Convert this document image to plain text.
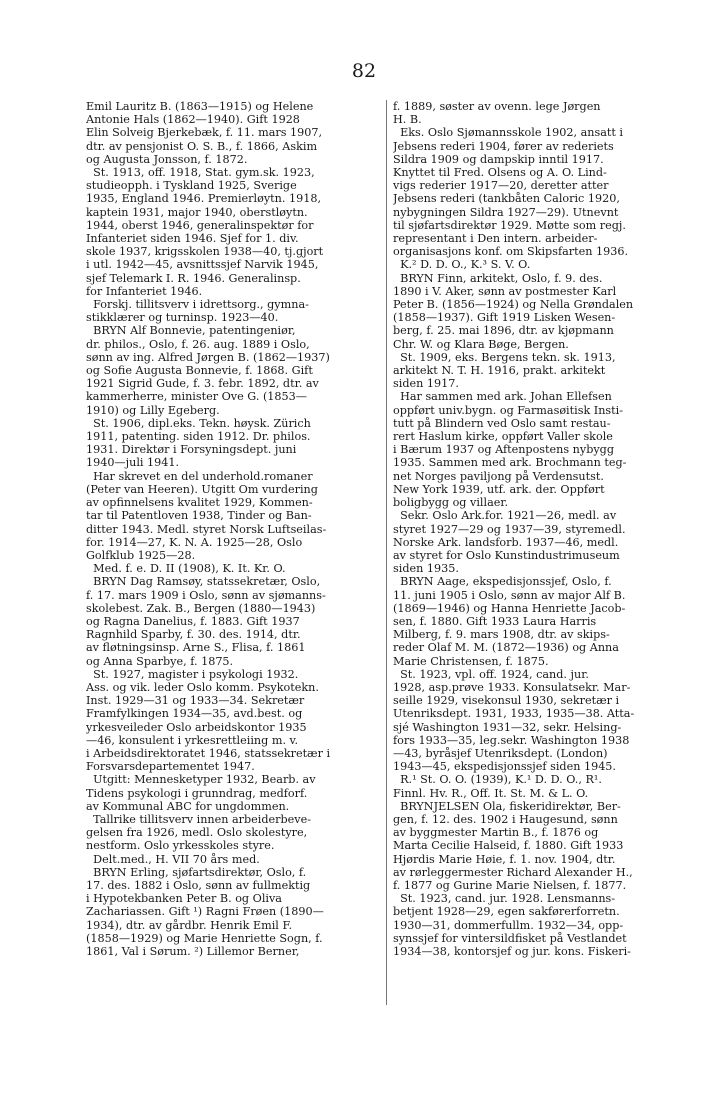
82
Emil Lauritz B. (1863—1915) og Helene
Antonie Hals (1862—1940). Gift 1928
Elin Solveig Bjerkebæk, f. 11. mars 1907,
dtr. av pensjonist O. S. B., f. 1866, Askim
og Augusta Jonsson, f. 1872.
St. 1913, off. 1918, Stat. gym.sk. 1923,
studieopph. i Tyskland 1925, Sverige
1935, England 1946. Premierløytn. 1918,
kaptein 1931, major 1940, oberstløytn.
1944, oberst 1946, generalinspektør for
Infanteriet siden 1946. Sjef for 1. div.
skole 1937, krigsskolen 1938—40, tj.gjort
i utl. 1942—45, avsnittssjef Narvik 1945,
sjef Telemark I. R. 1946. Generalinsp.
for Infanteriet 1946.
Forskj. tillitsverv i idrettsorg., gymna-
stikklærer og turninsp. 1923—40.
BRYN Alf Bonnevie, patentingeniør,
dr. philos., Oslo, f. 26. aug. 1889 i Oslo,
sønn av ing. Alfred Jørgen B. (1862—1937)
og Sofie Augusta Bonnevie, f. 1868. Gift
1921 Sigrid Gude, f. 3. febr. 1892, dtr. av
kammerherre, minister Ove G. (1853—
1910) og Lilly Egeberg.
St. 1906, dipl.eks. Tekn. høysk. Zürich
1911, patenting. siden 1912. Dr. philos.
1931. Direktør i Forsyningsdept. juni
1940—juli 1941.
Har skrevet en del underhold.romaner
(Peter van Heeren). Utgitt Om vurdering
av opfinnelsens kvalitet 1929, Kommen-
tar til Patentloven 1938, Tinder og Ban-
ditter 1943. Medl. styret Norsk Luftseilas-
for. 1914—27, K. N. A. 1925—28, Oslo
Golfklub 1925—28.
Med. f. e. D. II (1908), K. It. Kr. O.
BRYN Dag Ramsøy, statssekretær, Oslo,
f. 17. mars 1909 i Oslo, sønn av sjømanns-
skolebest. Zak. B., Bergen (1880—1943)
og Ragna Danelius, f. 1883. Gift 1937
Ragnhild Sparby, f. 30. des. 1914, dtr.
av fløtningsinsp. Arne S., Flisa, f. 1861
og Anna Sparbye, f. 1875.
St. 1927, magister i psykologi 1932.
Ass. og vik. leder Oslo komm. Psykotekn.
Inst. 1929—31 og 1933—34. Sekretær
Framfylkingen 1934—35, avd.best. og
yrkesveileder Oslo arbeidskontor 1935
—46, konsulent i yrkesrettleiing m. v.
i Arbeidsdirektoratet 1946, statssekretær i
Forsvarsdepartementet 1947.
Utgitt: Mennesketyper 1932, Bearb. av
Tidens psykologi i grunndrag, medforf.
av Kommunal ABC for ungdommen.
Tallrike tillitsverv innen arbeiderbeve-
gelsen fra 1926, medl. Oslo skolestyre,
nestform. Oslo yrkesskoles styre.
Delt.med., H. VII 70 års med.
BRYN Erling, sjøfartsdirektør, Oslo, f.
17. des. 1882 i Oslo, sønn av fullmektig
i Hypotekbanken Peter B. og Oliva
Zachariassen. Gift ¹) Ragni Frøen (1890—
1934), dtr. av gårdbr. Henrik Emil F.
(1858—1929) og Marie Henriette Sogn, f.
1861, Val i Sørum. ²) Lillemor Berner,
f. 1889, søster av ovenn. lege Jørgen
H. B.
Eks. Oslo Sjømannsskole 1902, ansatt i
Jebsens rederi 1904, fører av rederiets
Sildra 1909 og dampskip inntil 1917.
Knyttet til Fred. Olsens og A. O. Lind-
vigs rederier 1917—20, deretter atter
Jebsens rederi (tankbåten Caloric 1920,
nybygningen Sildra 1927—29). Utnevnt
til sjøfartsdirektør 1929. Møtte som regj.
representant i Den intern. arbeider-
organisasjons konf. om Skipsfarten 1936.
K.² D. D. O., K.³ S. V. O.
BRYN Finn, arkitekt, Oslo, f. 9. des.
1890 i V. Aker, sønn av postmester Karl
Peter B. (1856—1924) og Nella Grøndalen
(1858—1937). Gift 1919 Lisken Wesen-
berg, f. 25. mai 1896, dtr. av kjøpmann
Chr. W. og Klara Bøge, Bergen.
St. 1909, eks. Bergens tekn. sk. 1913,
arkitekt N. T. H. 1916, prakt. arkitekt
siden 1917.
Har sammen med ark. Johan Ellefsen
oppført univ.bygn. og Farmasøitisk Insti-
tutt på Blindern ved Oslo samt restau-
rert Haslum kirke, oppført Valler skole
i Bærum 1937 og Aftenpostens nybygg
1935. Sammen med ark. Brochmann teg-
net Norges paviljong på Verdensutst.
New York 1939, utf. ark. der. Oppført
boligbygg og villaer.
Sekr. Oslo Ark.for. 1921—26, medl. av
styret 1927—29 og 1937—39, styremedl.
Norske Ark. landsforb. 1937—46, medl.
av styret for Oslo Kunstindustrimuseum
siden 1935.
BRYN Aage, ekspedisjonssjef, Oslo, f.
11. juni 1905 i Oslo, sønn av major Alf B.
(1869—1946) og Hanna Henriette Jacob-
sen, f. 1880. Gift 1933 Laura Harris
Milberg, f. 9. mars 1908, dtr. av skips-
reder Olaf M. M. (1872—1936) og Anna
Marie Christensen, f. 1875.
St. 1923, vpl. off. 1924, cand. jur.
1928, asp.prøve 1933. Konsulatsekr. Mar-
seille 1929, visekonsul 1930, sekretær i
Utenriksdept. 1931, 1933, 1935—38. Atta-
sjé Washington 1931—32, sekr. Helsing-
fors 1933—35, leg.sekr. Washington 1938
—43, byråsjef Utenriksdept. (London)
1943—45, ekspedisjonssjef siden 1945.
R.¹ St. O. O. (1939), K.¹ D. D. O., R¹.
Finnl. Hv. R., Off. It. St. M. & L. O.
BRYNJELSEN Ola, fiskeridirektør, Ber-
gen, f. 12. des. 1902 i Haugesund, sønn
av byggmester Martin B., f. 1876 og
Marta Cecilie Halseid, f. 1880. Gift 1933
Hjørdis Marie Høie, f. 1. nov. 1904, dtr.
av rørleggermester Richard Alexander H.,
f. 1877 og Gurine Marie Nielsen, f. 1877.
St. 1923, cand. jur. 1928. Lensmanns-
betjent 1928—29, egen sakførerforretn.
1930—31, dommerfullm. 1932—34, opp-
synssjef for vintersildfisket på Vestlandet
1934—38, kontorsjef og jur. kons. Fiskeri-
